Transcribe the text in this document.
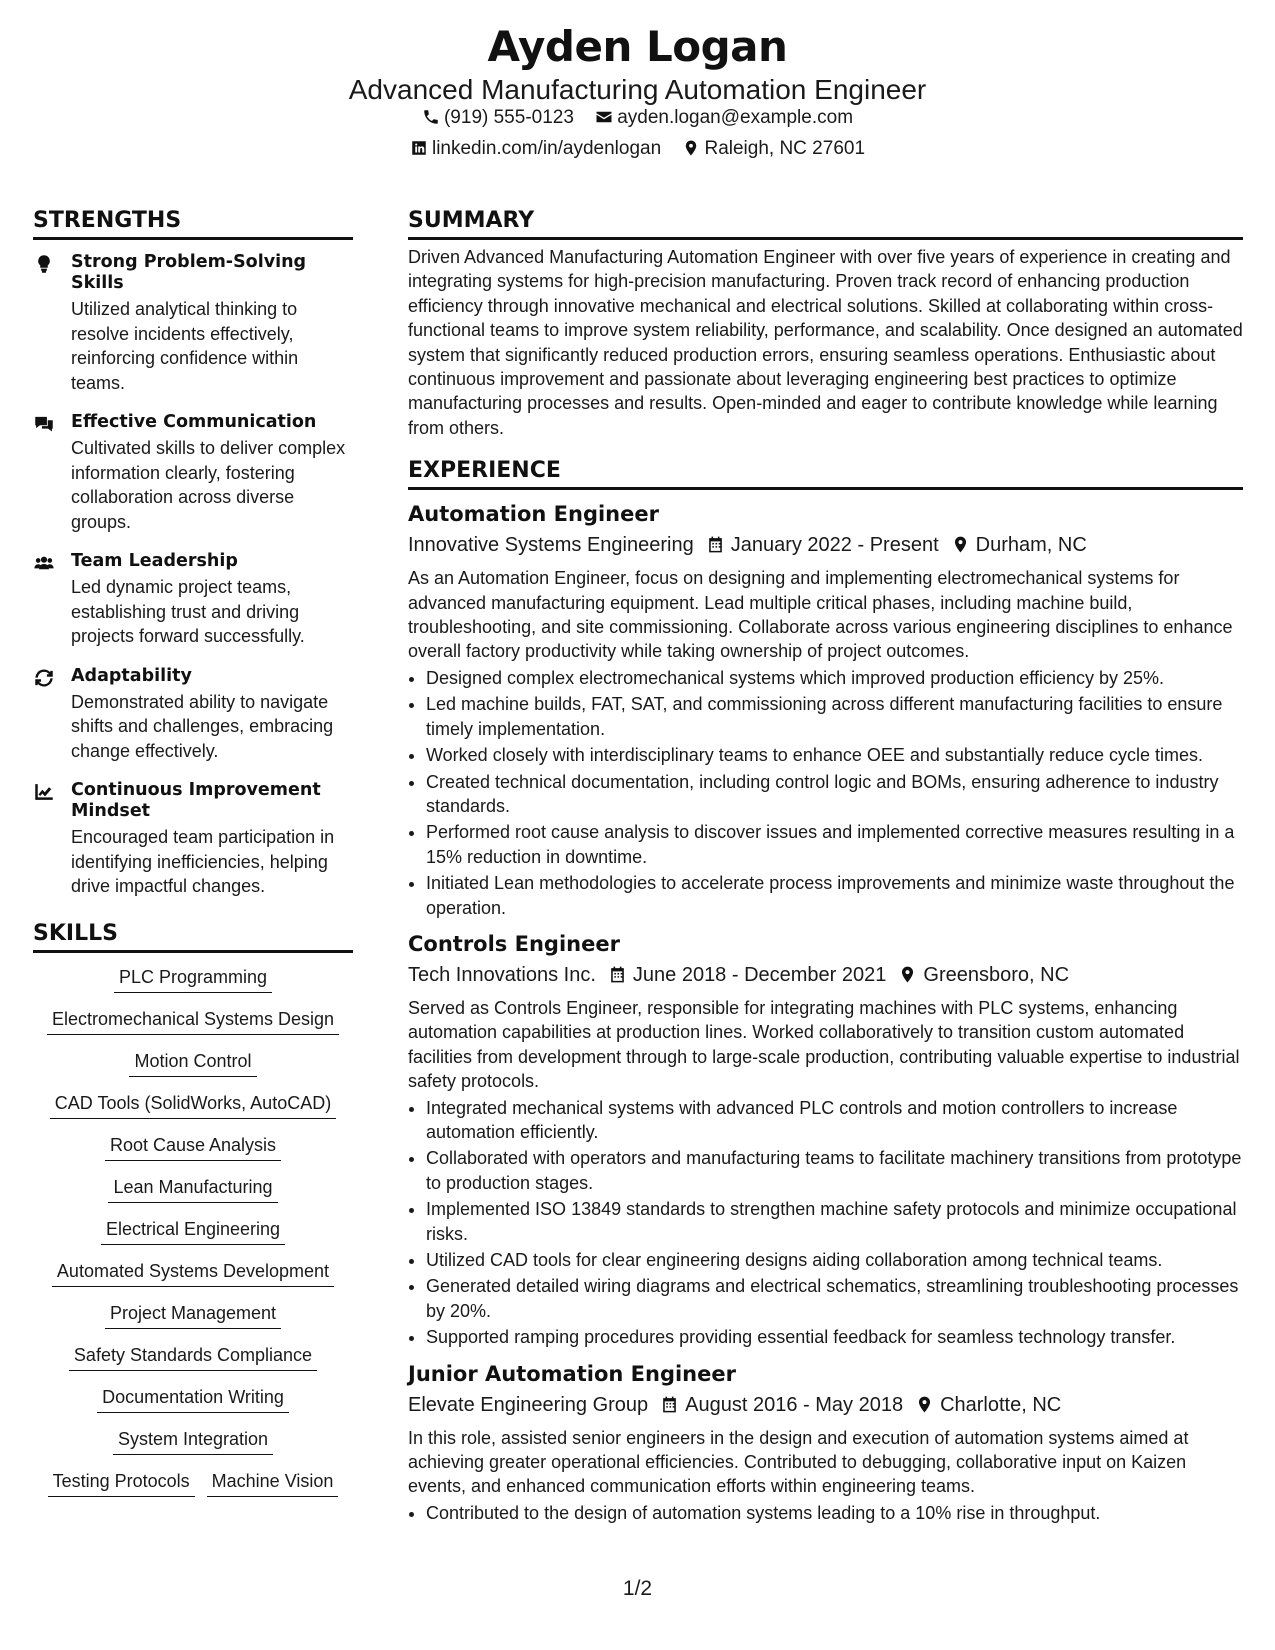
Ayden Logan
Advanced Manufacturing Automation Engineer
(919) 555-0123 ayden.logan@example.com
linkedin.com/in/aydenlogan Raleigh, NC 27601
STRENGTHS
Strong Problem-Solving Skills
Utilized analytical thinking to resolve incidents effectively, reinforcing confidence within teams.
Effective Communication
Cultivated skills to deliver complex information clearly, fostering collaboration across diverse groups.
Team Leadership
Led dynamic project teams, establishing trust and driving projects forward successfully.
Adaptability
Demonstrated ability to navigate shifts and challenges, embracing change effectively.
Continuous Improvement Mindset
Encouraged team participation in identifying inefficiencies, helping drive impactful changes.
SKILLS
PLC Programming
Electromechanical Systems Design
Motion Control
CAD Tools (SolidWorks, AutoCAD)
Root Cause Analysis
Lean Manufacturing
Electrical Engineering
Automated Systems Development
Project Management
Safety Standards Compliance
Documentation Writing
System Integration
Testing Protocols Machine Vision
SUMMARY
Driven Advanced Manufacturing Automation Engineer with over five years of experience in creating and integrating systems for high-precision manufacturing. Proven track record of enhancing production efficiency through innovative mechanical and electrical solutions. Skilled at collaborating within cross-functional teams to improve system reliability, performance, and scalability. Once designed an automated system that significantly reduced production errors, ensuring seamless operations. Enthusiastic about continuous improvement and passionate about leveraging engineering best practices to optimize manufacturing processes and results. Open-minded and eager to contribute knowledge while learning from others.
EXPERIENCE
Automation Engineer
Innovative Systems Engineering January 2022 - Present Durham, NC
As an Automation Engineer, focus on designing and implementing electromechanical systems for advanced manufacturing equipment. Lead multiple critical phases, including machine build, troubleshooting, and site commissioning. Collaborate across various engineering disciplines to enhance overall factory productivity while taking ownership of project outcomes.
• Designed complex electromechanical systems which improved production efficiency by 25%.
• Led machine builds, FAT, SAT, and commissioning across different manufacturing facilities to ensure timely implementation.
• Worked closely with interdisciplinary teams to enhance OEE and substantially reduce cycle times.
• Created technical documentation, including control logic and BOMs, ensuring adherence to industry standards.
• Performed root cause analysis to discover issues and implemented corrective measures resulting in a 15% reduction in downtime.
• Initiated Lean methodologies to accelerate process improvements and minimize waste throughout the operation.
Controls Engineer
Tech Innovations Inc. June 2018 - December 2021 Greensboro, NC
Served as Controls Engineer, responsible for integrating machines with PLC systems, enhancing automation capabilities at production lines. Worked collaboratively to transition custom automated facilities from development through to large-scale production, contributing valuable expertise to industrial safety protocols.
• Integrated mechanical systems with advanced PLC controls and motion controllers to increase automation efficiently.
• Collaborated with operators and manufacturing teams to facilitate machinery transitions from prototype to production stages.
• Implemented ISO 13849 standards to strengthen machine safety protocols and minimize occupational risks.
• Utilized CAD tools for clear engineering designs aiding collaboration among technical teams.
• Generated detailed wiring diagrams and electrical schematics, streamlining troubleshooting processes by 20%.
• Supported ramping procedures providing essential feedback for seamless technology transfer.
Junior Automation Engineer
Elevate Engineering Group August 2016 - May 2018 Charlotte, NC
In this role, assisted senior engineers in the design and execution of automation systems aimed at achieving greater operational efficiencies. Contributed to debugging, collaborative input on Kaizen events, and enhanced communication efforts within engineering teams.
• Contributed to the design of automation systems leading to a 10% rise in throughput.
1/2
